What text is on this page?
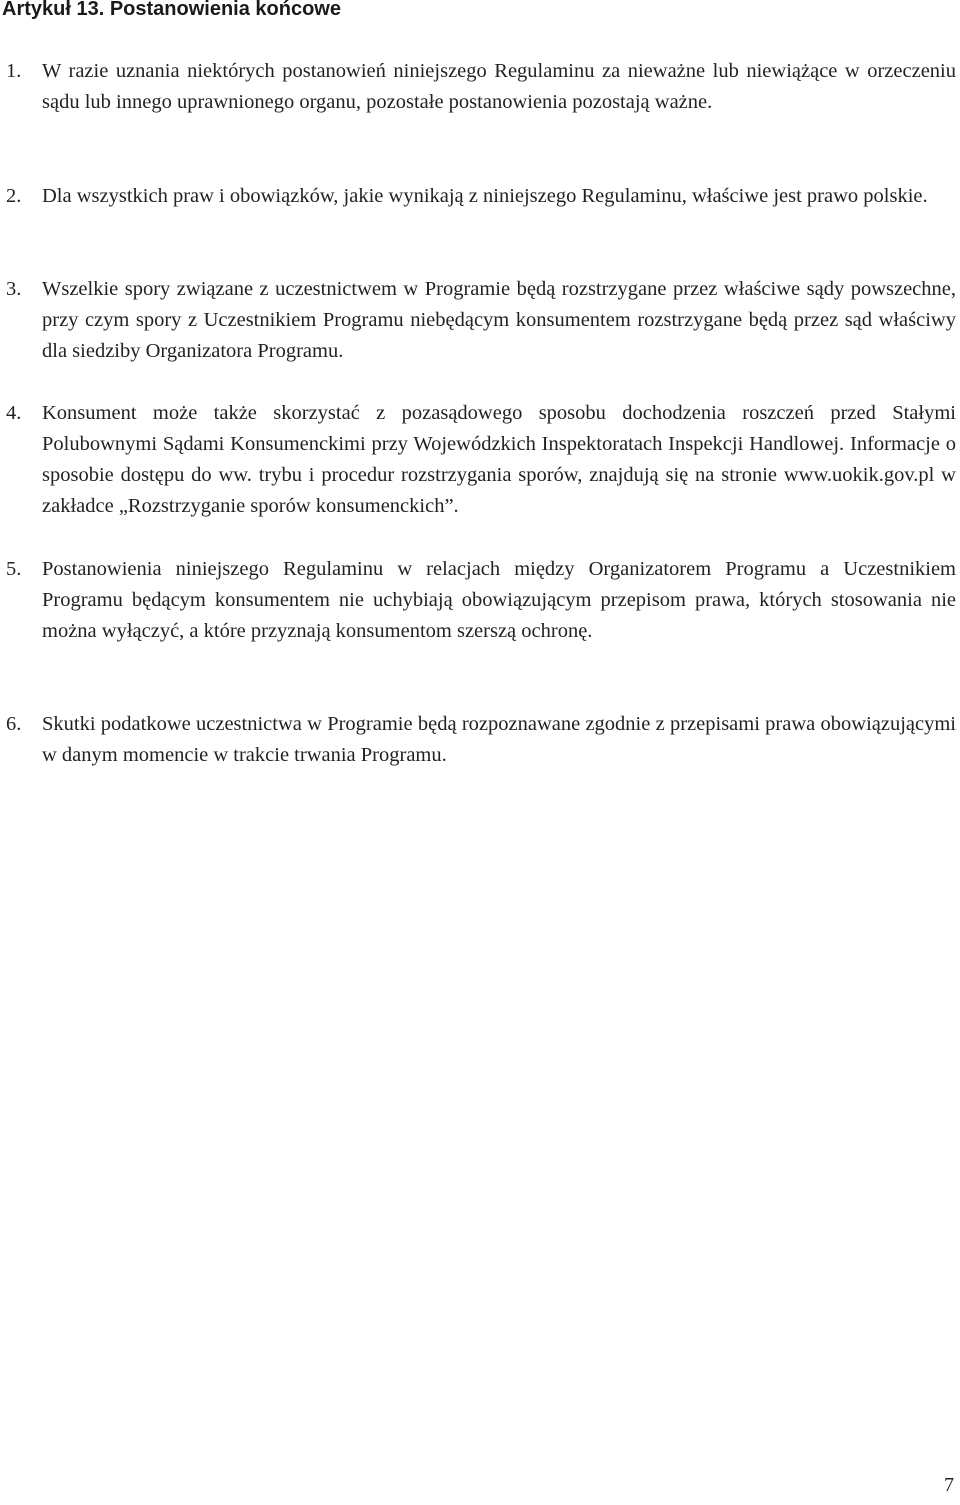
Artykuł 13. Postanowienia końcowe
1. W razie uznania niektórych postanowień niniejszego Regulaminu za nieważne lub niewiążące w orzeczeniu sądu lub innego uprawnionego organu, pozostałe postanowienia pozostają ważne.
2. Dla wszystkich praw i obowiązków, jakie wynikają z niniejszego Regulaminu, właściwe jest prawo polskie.
3. Wszelkie spory związane z uczestnictwem w Programie będą rozstrzygane przez właściwe sądy powszechne, przy czym spory z Uczestnikiem Programu niebędącym konsumentem rozstrzygane będą przez sąd właściwy dla siedziby Organizatora Programu.
4. Konsument może także skorzystać z pozasądowego sposobu dochodzenia roszczeń przed Stałymi Polubownymi Sądami Konsumenckimi przy Wojewódzkich Inspektoratach Inspekcji Handlowej. Informacje o sposobie dostępu do ww. trybu i procedur rozstrzygania sporów, znajdują się na stronie www.uokik.gov.pl w zakładce „Rozstrzyganie sporów konsumenckich”.
5. Postanowienia niniejszego Regulaminu w relacjach między Organizatorem Programu a Uczestnikiem Programu będącym konsumentem nie uchybiają obowiązującym przepisom prawa, których stosowania nie można wyłączyć, a które przyznają konsumentom szerszą ochronę.
6. Skutki podatkowe uczestnictwa w Programie będą rozpoznawane zgodnie z przepisami prawa obowiązującymi w danym momencie w trakcie trwania Programu.
7
